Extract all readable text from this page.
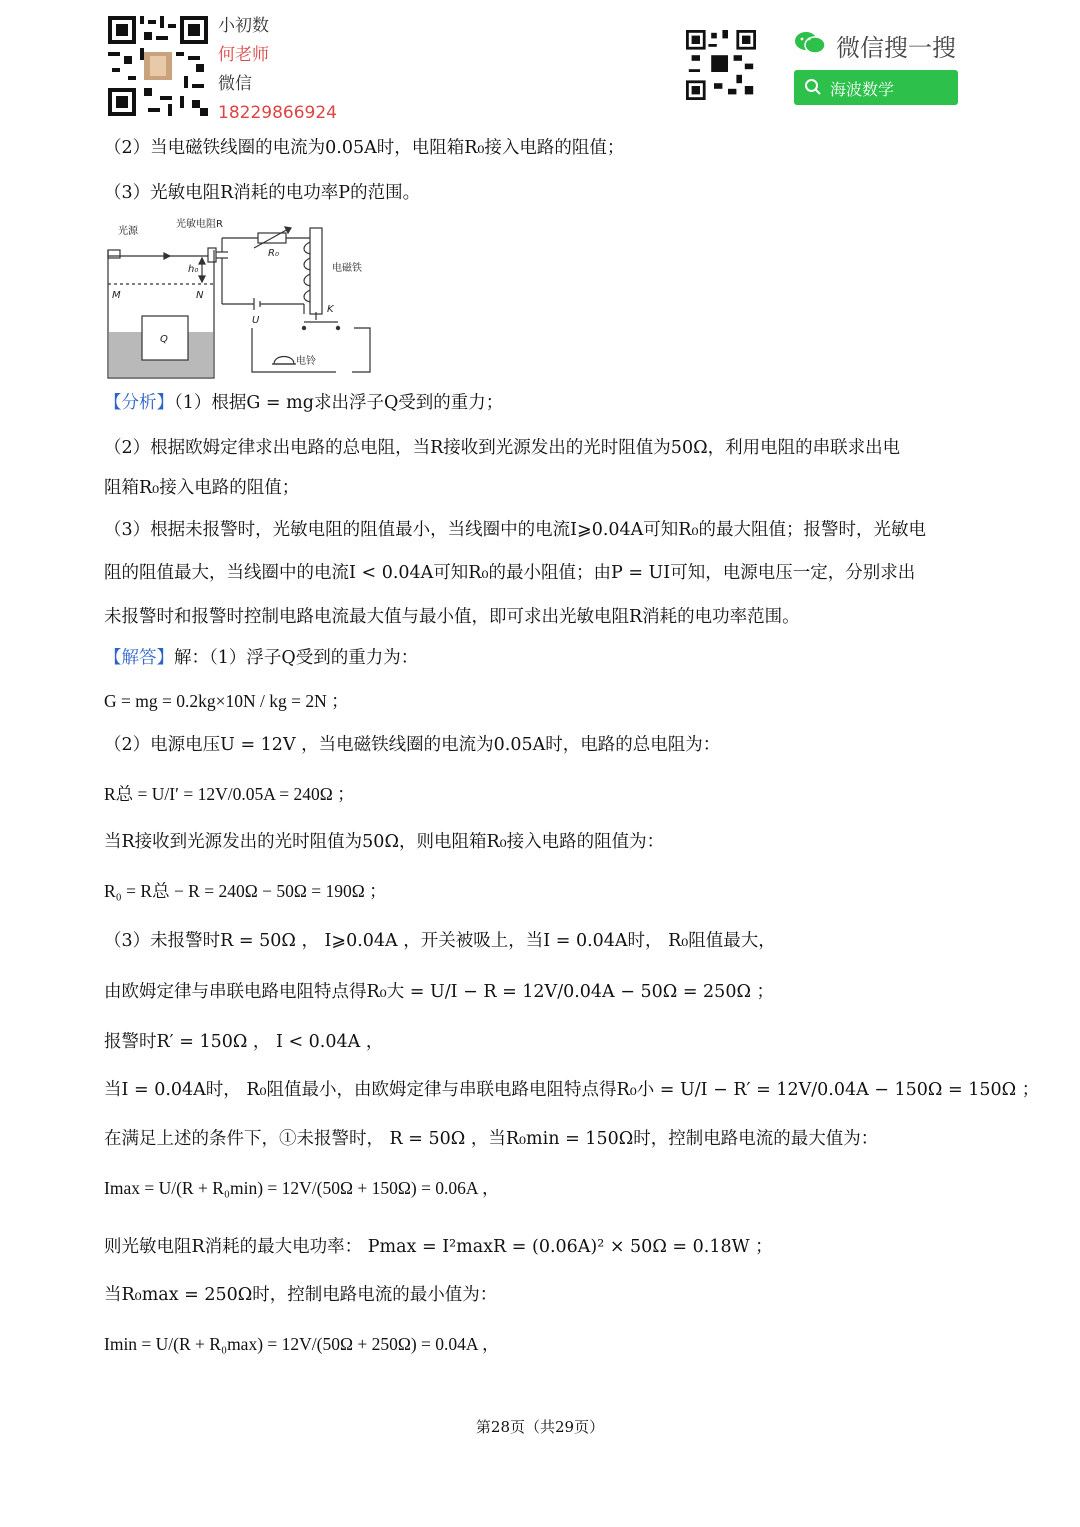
小初数
何老师
微信
18229866924
微信搜一搜
海波数学
（2）当电磁铁线圈的电流为0.05A时，电阻箱R₀接入电路的阻值；
（3）光敏电阻R消耗的电功率P的范围。
光源
光敏电阻R
R₀
电磁铁
h₀
M	N
Q
U
K
电铃
【分析】（1）根据G = mg求出浮子Q受到的重力；
（2）根据欧姆定律求出电路的总电阻，当R接收到光源发出的光时阻值为50Ω，利用电阻的串联求出电
阻箱R₀接入电路的阻值；
（3）根据未报警时，光敏电阻的阻值最小，当线圈中的电流I⩾0.04A可知R₀的最大阻值；报警时，光敏电
阻的阻值最大，当线圈中的电流I < 0.04A可知R₀的最小阻值；由P = UI可知，电源电压一定，分别求出
未报警时和报警时控制电路电流最大值与最小值，即可求出光敏电阻R消耗的电功率范围。
【解答】解：（1）浮子Q受到的重力为：
G = mg = 0.2kg×10N / kg = 2N ；
（2）电源电压U = 12V ，当电磁铁线圈的电流为0.05A时，电路的总电阻为：
R总 = U/I′ = 12V/0.05A = 240Ω ；
当R接收到光源发出的光时阻值为50Ω，则电阻箱R₀接入电路的阻值为：
R₀ = R总 − R = 240Ω − 50Ω = 190Ω ；
（3）未报警时R = 50Ω ， I⩾0.04A ，开关被吸上，当I = 0.04A时， R₀阻值最大，
由欧姆定律与串联电路电阻特点得R₀大 = U/I − R = 12V/0.04A − 50Ω = 250Ω ；
报警时R′ = 150Ω ， I < 0.04A ，
当I = 0.04A时， R₀阻值最小，由欧姆定律与串联电路电阻特点得R₀小 = U/I − R′ = 12V/0.04A − 150Ω = 150Ω ；
在满足上述的条件下，①未报警时， R = 50Ω ，当R₀min = 150Ω时，控制电路电流的最大值为：
Imax = U/(R + R₀min) = 12V/(50Ω + 150Ω) = 0.06A ，
则光敏电阻R消耗的最大电功率： Pmax = I²maxR = (0.06A)² × 50Ω = 0.18W ；
当R₀max = 250Ω时，控制电路电流的最小值为：
Imin = U/(R + R₀max) = 12V/(50Ω + 250Ω) = 0.04A ，
第28页（共29页）
